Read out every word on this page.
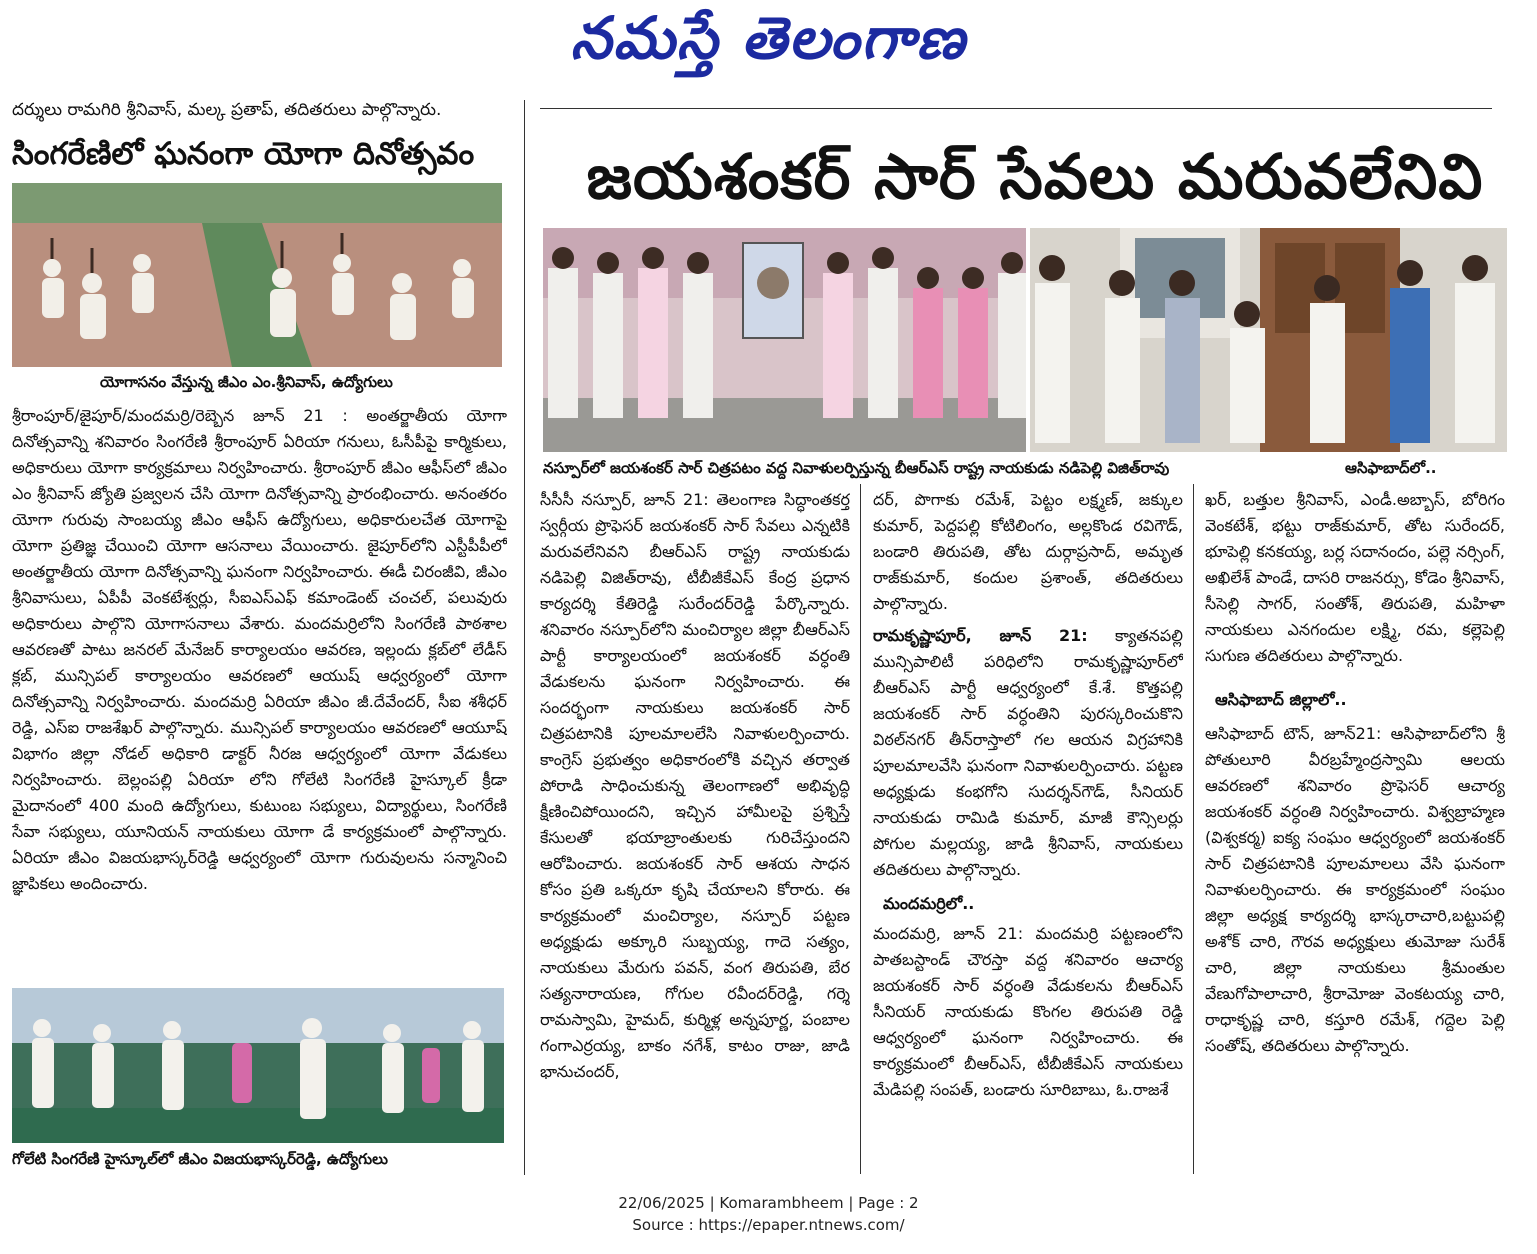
నమస్తే తెలంగాణ
దర్శులు రామగిరి శ్రీనివాస్, మల్క ప్రతాప్, తదితరులు పాల్గొన్నారు.
సింగరేణిలో ఘనంగా యోగా దినోత్సవం
యోగాసనం వేస్తున్న జీఎం ఎం.శ్రీనివాస్, ఉద్యోగులు

శ్రీరాంపూర్/జైపూర్/మందమర్రి/రెబ్బెన జూన్ 21 : అంతర్జాతీయ యోగా దినోత్సవాన్ని శనివారం సింగరేణి శ్రీరాంపూర్ ఏరియా గనులు, ఓసీపీపై కార్మికులు, అధికారులు యోగా కార్యక్రమాలు నిర్వహించారు. శ్రీరాంపూర్ జీఎం ఆఫీస్‌లో జీఎం ఎం శ్రీనివాస్ జ్యోతి ప్రజ్వలన చేసి యోగా దినోత్సవాన్ని ప్రారంభించారు. అనంతరం యోగా గురువు సాంబయ్య జీఎం ఆఫీస్ ఉద్యోగులు, అధికారులచేత యోగాపై యోగా ప్రతిజ్ఞ చేయించి యోగా ఆసనాలు వేయించారు. జైపూర్‌లోని ఎస్టీపీపీలో అంతర్జాతీయ యోగా దినోత్సవాన్ని ఘనంగా నిర్వహించారు. ఈడీ చిరంజీవి, జీఎం శ్రీనివాసులు, ఏపీపీ వెంకటేశ్వర్లు, సీఐఎస్ఎఫ్ కమాండెంట్ చంచల్, పలువురు అధికారులు పాల్గొని యోగాసనాలు వేశారు. మందమర్రిలోని సింగరేణి పాఠశాల ఆవరణతో పాటు జనరల్ మేనేజర్ కార్యాలయం ఆవరణ, ఇల్లందు క్లబ్‌లో లేడీస్ క్లబ్, మున్సిపల్ కార్యాలయం ఆవరణలో ఆయుష్ ఆధ్వర్యంలో యోగా దినోత్సవాన్ని నిర్వహించారు. మందమర్రి ఏరియా జీఎం జీ.దేవేందర్, సీఐ శశీధర్ రెడ్డి, ఎస్ఐ రాజశేఖర్ పాల్గొన్నారు. మున్సిపల్ కార్యాలయం ఆవరణలో ఆయూష్ విభాగం జిల్లా నోడల్ అధికారి డాక్టర్ నీరజ ఆధ్వర్యంలో యోగా వేడుకలు నిర్వహించారు. బెల్లంపల్లి ఏరియా లోని గోలేటి సింగరేణి హైస్కూల్ క్రీడా మైదానంలో 400 మంది ఉద్యోగులు, కుటుంబ సభ్యులు, విద్యార్థులు, సింగరేణి సేవా సభ్యులు, యూనియన్ నాయకులు యోగా డే కార్యక్రమంలో పాల్గొన్నారు. ఏరియా జీఎం విజయభాస్కర్‌రెడ్డి ఆధ్వర్యంలో యోగా గురువులను సన్మానించి జ్ఞాపికలు అందించారు.

గోలేటి సింగరేణి హైస్కూల్‌లో జీఎం విజయభాస్కర్‌రెడ్డి, ఉద్యోగులు
జయశంకర్ సార్ సేవలు మరువలేనివి
నస్పూర్‌లో జయశంకర్ సార్ చిత్రపటం వద్ద నివాళులర్పిస్తున్న బీఆర్ఎస్ రాష్ట్ర నాయకుడు నడిపెల్లి విజిత్‌రావు	ఆసిఫాబాద్‌లో..

సీసీసీ నస్పూర్, జూన్ 21: తెలంగాణ సిద్ధాంతకర్త స్వర్గీయ ప్రొఫెసర్ జయశంకర్ సార్ సేవలు ఎన్నటికి మరువలేనివని బీఆర్ఎస్ రాష్ట్ర నాయకుడు నడిపెల్లి విజిత్‌రావు, టీబీజీకేఎస్ కేంద్ర ప్రధాన కార్యదర్శి కేతిరెడ్డి సురేందర్‌రెడ్డి పేర్కొన్నారు. శనివారం నస్పూర్‌లోని మంచిర్యాల జిల్లా బీఆర్ఎస్ పార్టీ కార్యాలయంలో జయశంకర్ వర్ధంతి వేడుకలను ఘనంగా నిర్వహించారు. ఈ సందర్భంగా నాయకులు జయశంకర్ సార్ చిత్రపటానికి పూలమాలలేసి నివాళులర్పించారు. కాంగ్రెస్ ప్రభుత్వం అధికారంలోకి వచ్చిన తర్వాత పోరాడి సాధించుకున్న తెలంగాణలో అభివృద్ధి క్షీణించిపోయిందని, ఇచ్చిన హామీలపై ప్రశ్నిస్తే కేసులతో భయాబ్రాంతులకు గురిచేస్తుందని ఆరోపించారు. జయశంకర్ సార్ ఆశయ సాధన కోసం ప్రతి ఒక్కరూ కృషి చేయాలని కోరారు. ఈ కార్యక్రమంలో మంచిర్యాల, నస్పూర్ పట్టణ అధ్యక్షుడు అక్కూరి సుబ్బయ్య, గాదె సత్యం, నాయకులు మేరుగు పవన్, వంగ తిరుపతి, బేర సత్యనారాయణ, గోగుల రవీందర్‌రెడ్డి, గర్శె రామస్వామి, హైమద్, కుర్మిళ్ల అన్నపూర్ణ, పంబాల గంగాఎర్రయ్య, బాకం నగేశ్, కాటం రాజు, జాడి భానుచందర్,

దర్, పొగాకు రమేశ్, పెట్టం లక్ష్మణ్, జక్కుల కుమార్, పెద్దపల్లి కోటిలింగం, అల్లకొండ రవిగౌడ్, బండారి తిరుపతి, తోట దుర్గాప్రసాద్, అమృత రాజ్‌కుమార్, కందుల ప్రశాంత్, తదితరులు పాల్గొన్నారు.

రామకృష్ణాపూర్, జూన్ 21: క్యాతనపల్లి మున్సిపాలిటీ పరిధిలోని రామకృష్ణాపూర్‌లో బీఆర్ఎస్ పార్టీ ఆధ్వర్యంలో కే.శే. కొత్తపల్లి జయశంకర్ సార్ వర్ధంతిని పురస్కరించుకొని విఠల్‌నగర్ తీన్‌రాస్తాలో గల ఆయన విగ్రహానికి పూలమాలవేసి ఘనంగా నివాళులర్పించారు. పట్టణ అధ్యక్షుడు కంభగోని సుదర్శన్‌గౌడ్, సీనియర్ నాయకుడు రామిడి కుమార్, మాజీ కౌన్సిలర్లు పోగుల మల్లయ్య, జాడి శ్రీనివాస్, నాయకులు తదితరులు పాల్గొన్నారు.

మందమర్రిలో..

మందమర్రి, జూన్ 21: మందమర్రి పట్టణంలోని పాతబస్టాండ్ చౌరస్తా వద్ద శనివారం ఆచార్య జయశంకర్ సార్ వర్ధంతి వేడుకలను బీఆర్ఎస్ సీనియర్ నాయకుడు కొంగల తిరుపతి రెడ్డి ఆధ్వర్యంలో ఘనంగా నిర్వహించారు. ఈ కార్యక్రమంలో బీఆర్ఎస్, టీబీజీకేఎస్ నాయకులు మేడిపల్లి సంపత్, బండారు సూరిబాబు, ఓ.రాజశే

ఖర్, బత్తుల శ్రీనివాస్, ఎండీ.అబ్బాస్, బోరిగం వెంకటేశ్, భట్టు రాజ్‌కుమార్, తోట సురేందర్, భూపెల్లి కనకయ్య, బర్ల సదానందం, పల్లె నర్సింగ్, అఖిలేశ్ పాండే, దాసరి రాజనర్సు, కోడెం శ్రీనివాస్, సీసెల్లి సాగర్, సంతోశ్, తిరుపతి, మహిళా నాయకులు ఎనగందుల లక్ష్మి, రమ, కల్లెపెల్లి సుగుణ తదితరులు పాల్గొన్నారు.

ఆసిఫాబాద్ జిల్లాలో..

ఆసిఫాబాద్ టౌన్, జూన్21: ఆసిఫాబాద్‌లోని శ్రీ పోతులూరి వీరబ్రహ్మేంద్రస్వామి ఆలయ ఆవరణలో శనివారం ప్రొఫెసర్ ఆచార్య జయశంకర్ వర్ధంతి నిర్వహించారు. విశ్వబ్రాహ్మణ (విశ్వకర్మ) ఐక్య సంఘం ఆధ్వర్యంలో జయశంకర్ సార్ చిత్రపటానికి పూలమాలలు వేసి ఘనంగా నివాళులర్పించారు. ఈ కార్యక్రమంలో సంఘం జిల్లా అధ్యక్ష కార్యదర్శి భాస్కరాచారి,బట్టుపల్లి అశోక్ చారి, గౌరవ అధ్యక్షులు తుమోజు సురేశ్ చారి, జిల్లా నాయకులు శ్రీమంతుల వేణుగోపాలాచారి, శ్రీరామోజు వెంకటయ్య చారి, రాధాకృష్ణ చారి, కస్తూరి రమేశ్, గద్దెల పెల్లి సంతోష్, తదితరులు పాల్గొన్నారు.

22/06/2025 | Komarambheem | Page : 2
Source : https://epaper.ntnews.com/
